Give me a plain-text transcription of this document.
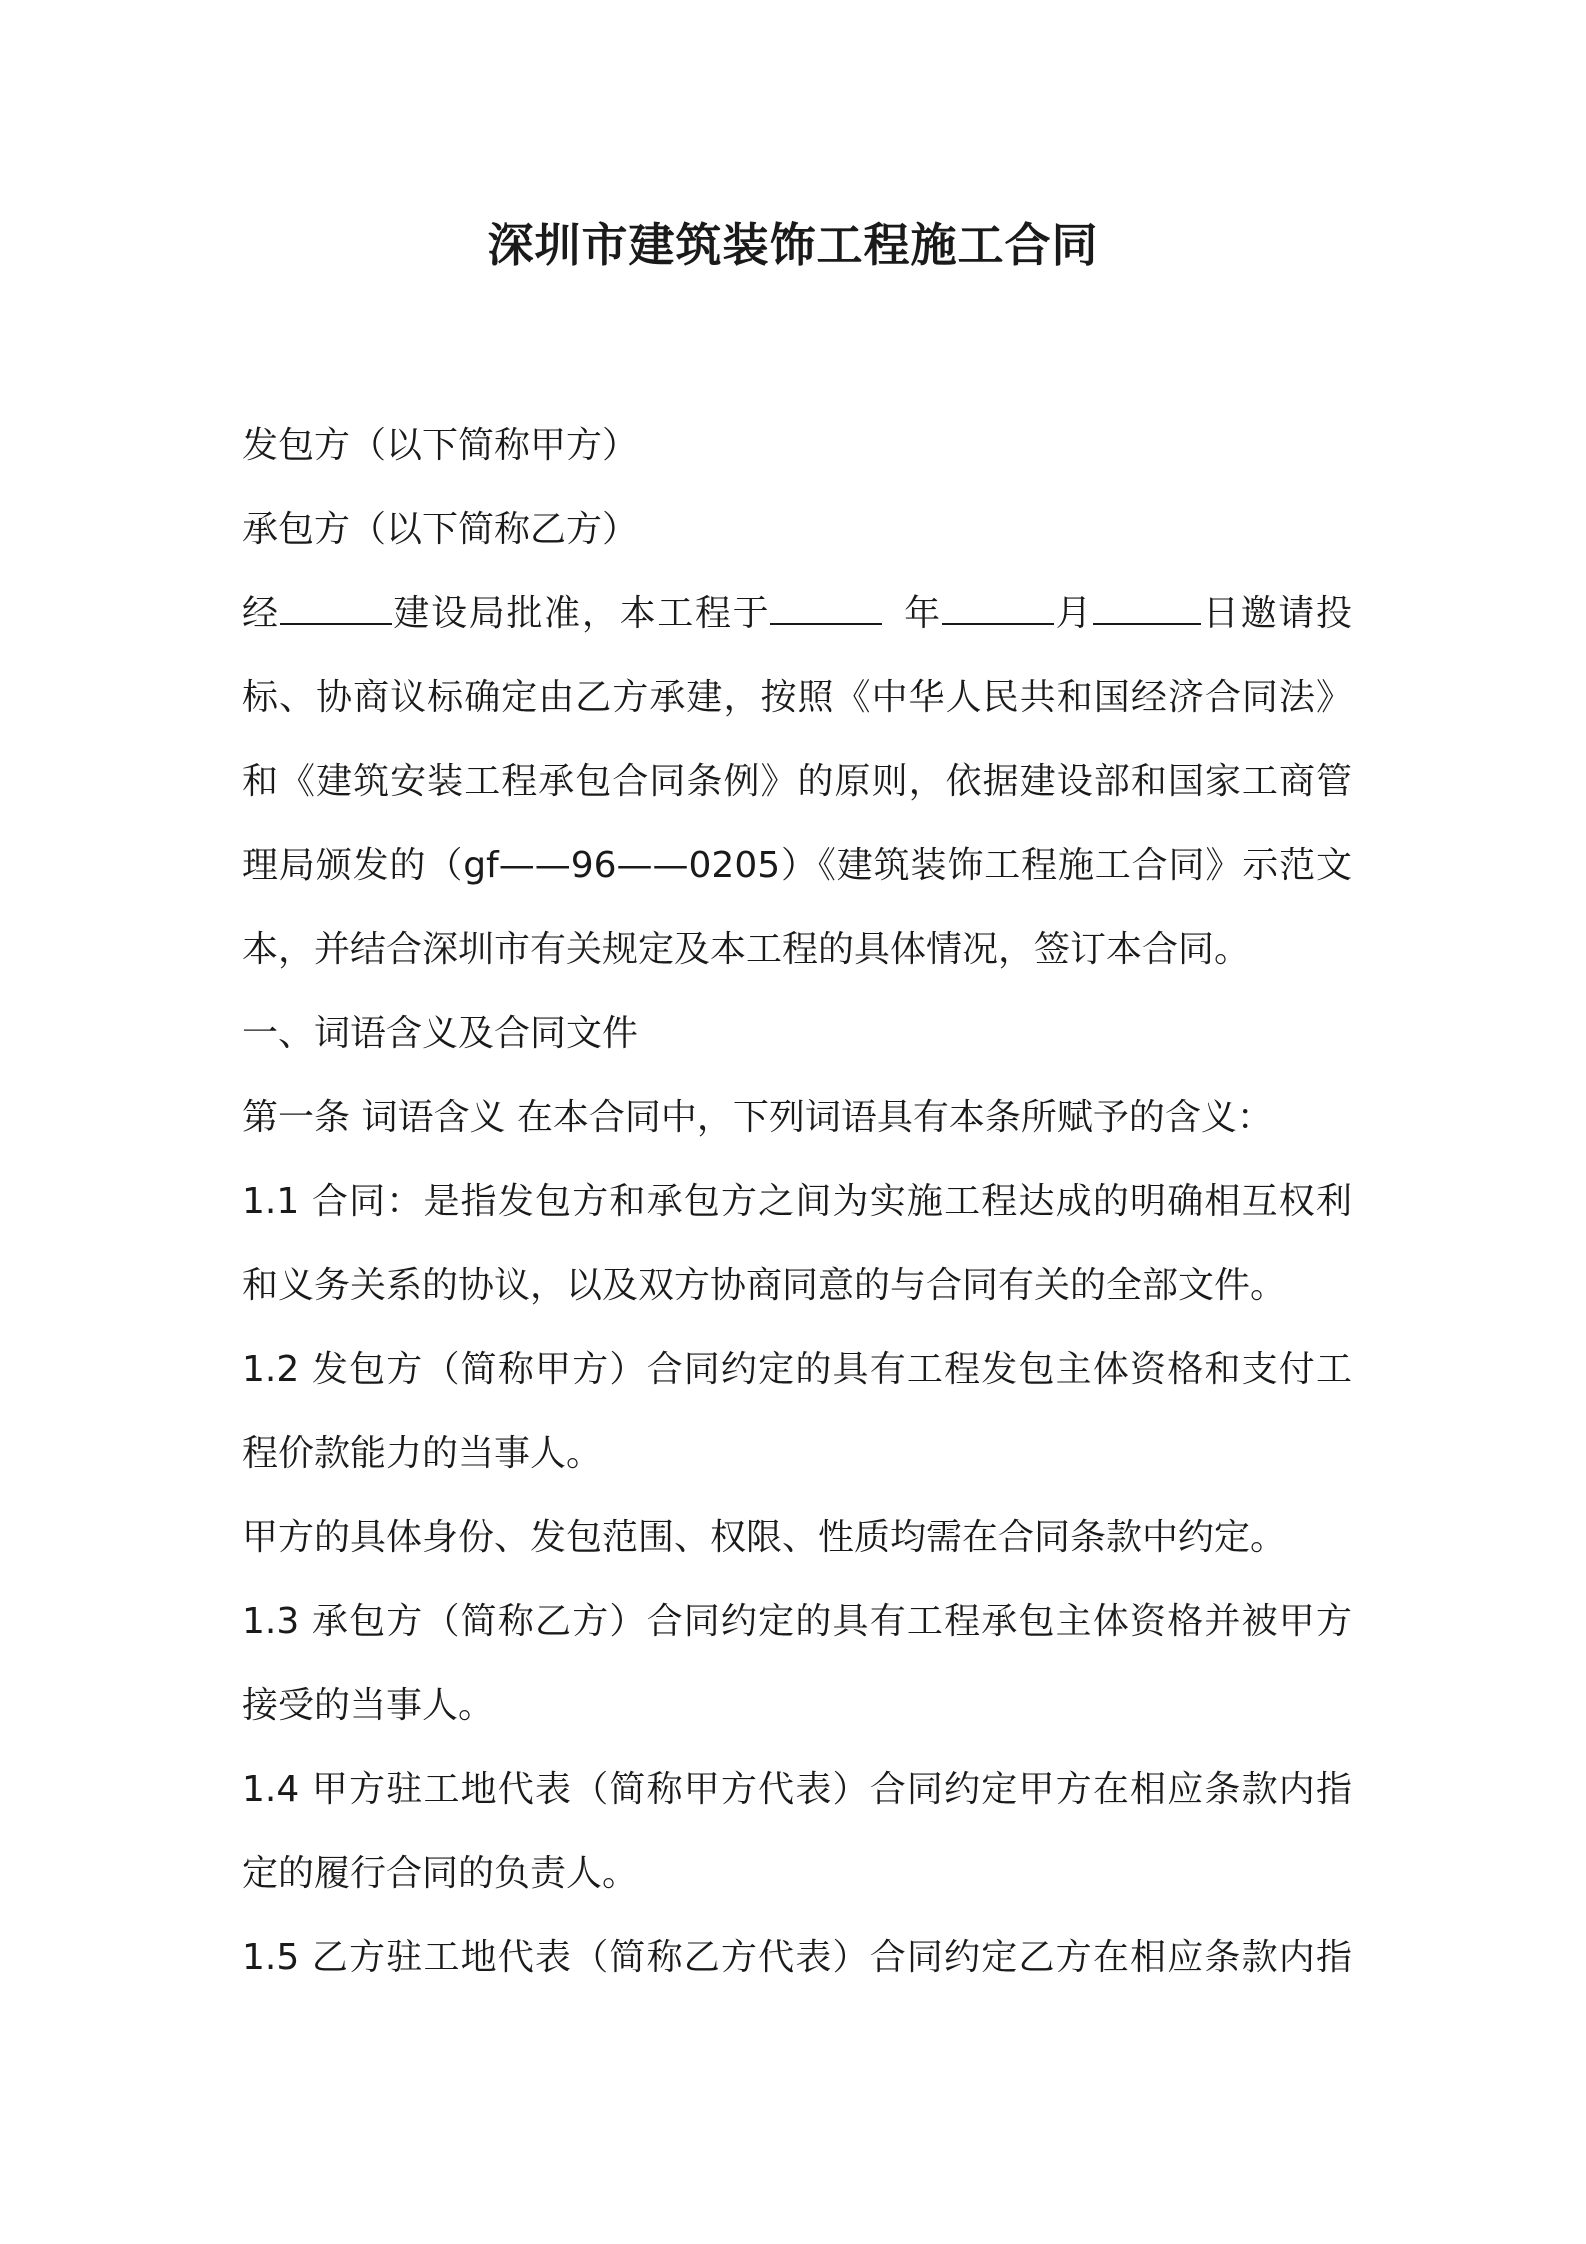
深圳市建筑装饰工程施工合同
发包方（以下简称甲方）
承包方（以下简称乙方）
经	建设局批准，本工程于	年	月	日邀请投
标、协商议标确定由乙方承建，按照《中华人民共和国经济合同法》
和《建筑安装工程承包合同条例》的原则，依据建设部和国家工商管
理局颁发的（gf——96——0205）《建筑装饰工程施工合同》示范文
本，并结合深圳市有关规定及本工程的具体情况，签订本合同。
一、词语含义及合同文件
第一条 词语含义 在本合同中，下列词语具有本条所赋予的含义：
1.1 合同：是指发包方和承包方之间为实施工程达成的明确相互权利
和义务关系的协议，以及双方协商同意的与合同有关的全部文件。
1.2 发包方（简称甲方）合同约定的具有工程发包主体资格和支付工
程价款能力的当事人。
甲方的具体身份、发包范围、权限、性质均需在合同条款中约定。
1.3 承包方（简称乙方）合同约定的具有工程承包主体资格并被甲方
接受的当事人。
1.4 甲方驻工地代表（简称甲方代表）合同约定甲方在相应条款内指
定的履行合同的负责人。
1.5 乙方驻工地代表（简称乙方代表）合同约定乙方在相应条款内指
